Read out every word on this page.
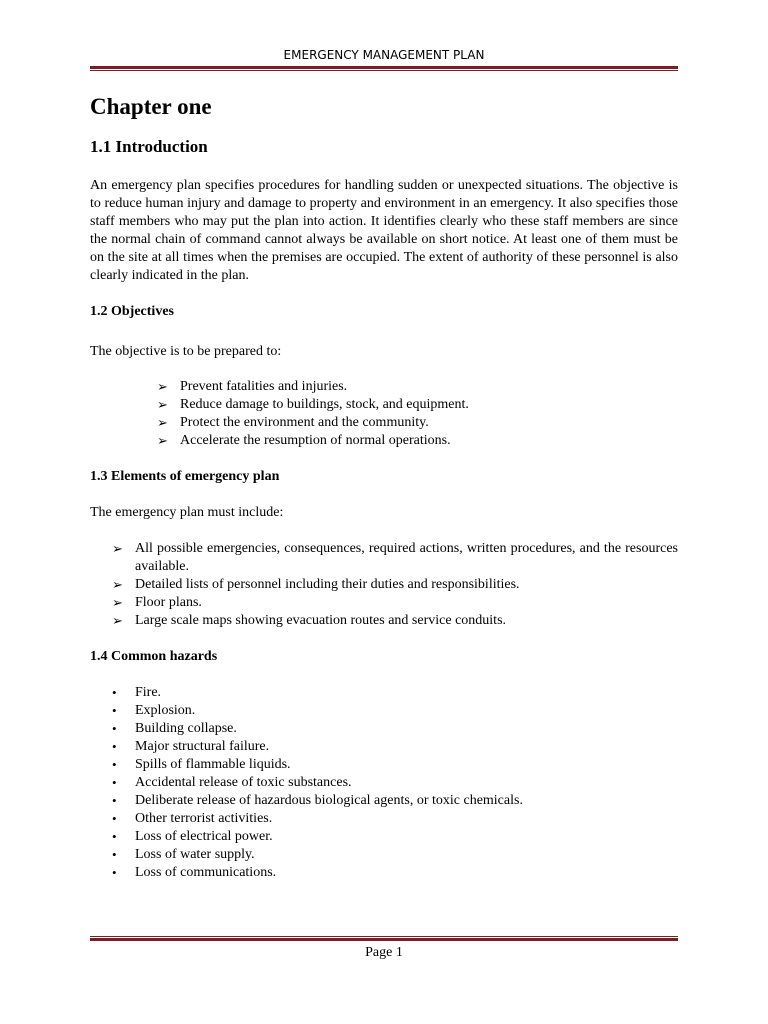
EMERGENCY MANAGEMENT PLAN
Chapter one
1.1 Introduction

An emergency plan specifies procedures for handling sudden or unexpected situations. The objective is to reduce human injury and damage to property and environment in an emergency. It also specifies those staff members who may put the plan into action. It identifies clearly who these staff members are since the normal chain of command cannot always be available on short notice. At least one of them must be on the site at all times when the premises are occupied. The extent of authority of these personnel is also clearly indicated in the plan.

1.2 Objectives

The objective is to be prepared to:

➢ Prevent fatalities and injuries.
➢ Reduce damage to buildings, stock, and equipment.
➢ Protect the environment and the community.
➢ Accelerate the resumption of normal operations.
1.3 Elements of emergency plan

The emergency plan must include:

➢ All possible emergencies, consequences, required actions, written procedures, and the resources available.
➢ Detailed lists of personnel including their duties and responsibilities.
➢ Floor plans.
➢ Large scale maps showing evacuation routes and service conduits.
1.4 Common hazards
• Fire.
• Explosion.
• Building collapse.
• Major structural failure.
• Spills of flammable liquids.
• Accidental release of toxic substances.
• Deliberate release of hazardous biological agents, or toxic chemicals.
• Other terrorist activities.
• Loss of electrical power.
• Loss of water supply.
• Loss of communications.
Page 1
